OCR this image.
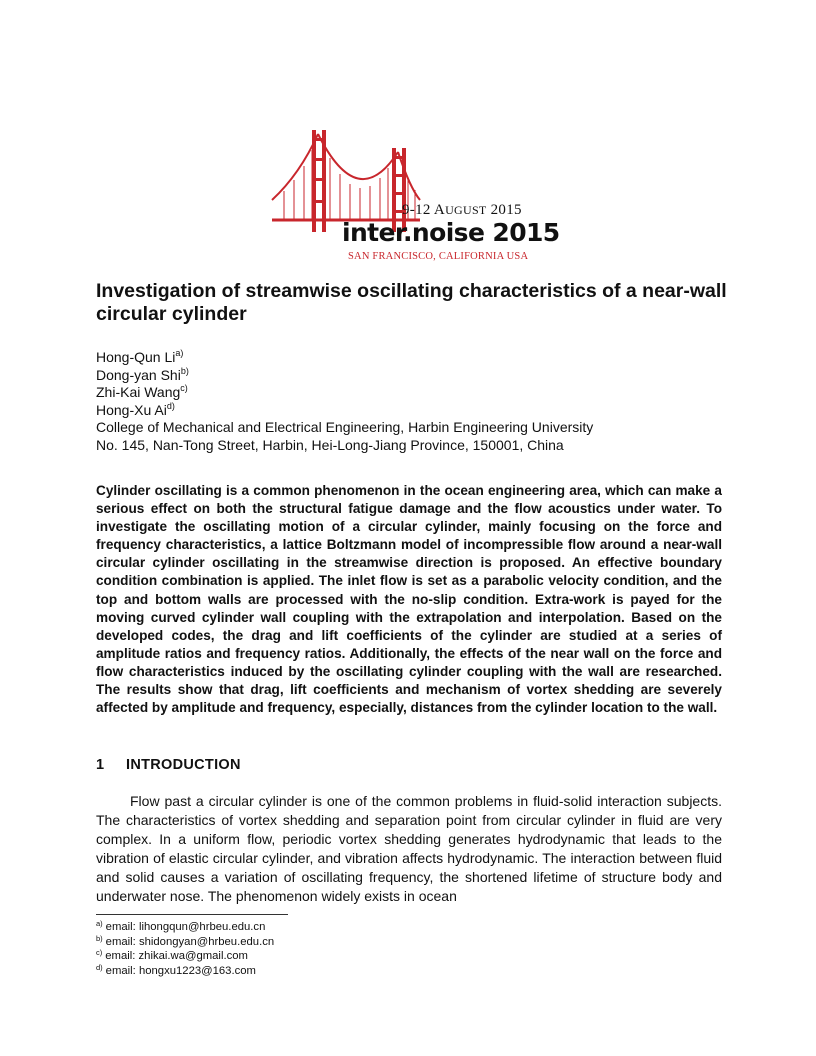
9-12 AUGUST 2015
inter.noise 2015
SAN FRANCISCO, CALIFORNIA USA
Investigation of streamwise oscillating characteristics of a near-wall circular cylinder
Hong-Qun Li$^{a)}$
Dong-yan Shi$^{b)}$
Zhi-Kai Wang$^{c)}$
Hong-Xu Ai$^{d)}$
College of Mechanical and Electrical Engineering, Harbin Engineering University
No. 145, Nan-Tong Street, Harbin, Hei-Long-Jiang Province, 150001, China
Cylinder oscillating is a common phenomenon in the ocean engineering area, which can make a serious effect on both the structural fatigue damage and the flow acoustics under water. To investigate the oscillating motion of a circular cylinder, mainly focusing on the force and frequency characteristics, a lattice Boltzmann model of incompressible flow around a near-wall circular cylinder oscillating in the streamwise direction is proposed. An effective boundary condition combination is applied. The inlet flow is set as a parabolic velocity condition, and the top and bottom walls are processed with the no-slip condition. Extra-work is payed for the moving curved cylinder wall coupling with the extrapolation and interpolation. Based on the developed codes, the drag and lift coefficients of the cylinder are studied at a series of amplitude ratios and frequency ratios. Additionally, the effects of the near wall on the force and flow characteristics induced by the oscillating cylinder coupling with the wall are researched. The results show that drag, lift coefficients and mechanism of vortex shedding are severely affected by amplitude and frequency, especially, distances from the cylinder location to the wall.
1 INTRODUCTION
Flow past a circular cylinder is one of the common problems in fluid-solid interaction subjects. The characteristics of vortex shedding and separation point from circular cylinder in fluid are very complex. In a uniform flow, periodic vortex shedding generates hydrodynamic that leads to the vibration of elastic circular cylinder, and vibration affects hydrodynamic. The interaction between fluid and solid causes a variation of oscillating frequency, the shortened lifetime of structure body and underwater nose. The phenomenon widely exists in ocean
$^{a)}$ email: lihongqun@hrbeu.edu.cn
$^{b)}$ email: shidongyan@hrbeu.edu.cn
$^{c)}$ email: zhikai.wa@gmail.com
$^{d)}$ email: hongxu1223@163.com
